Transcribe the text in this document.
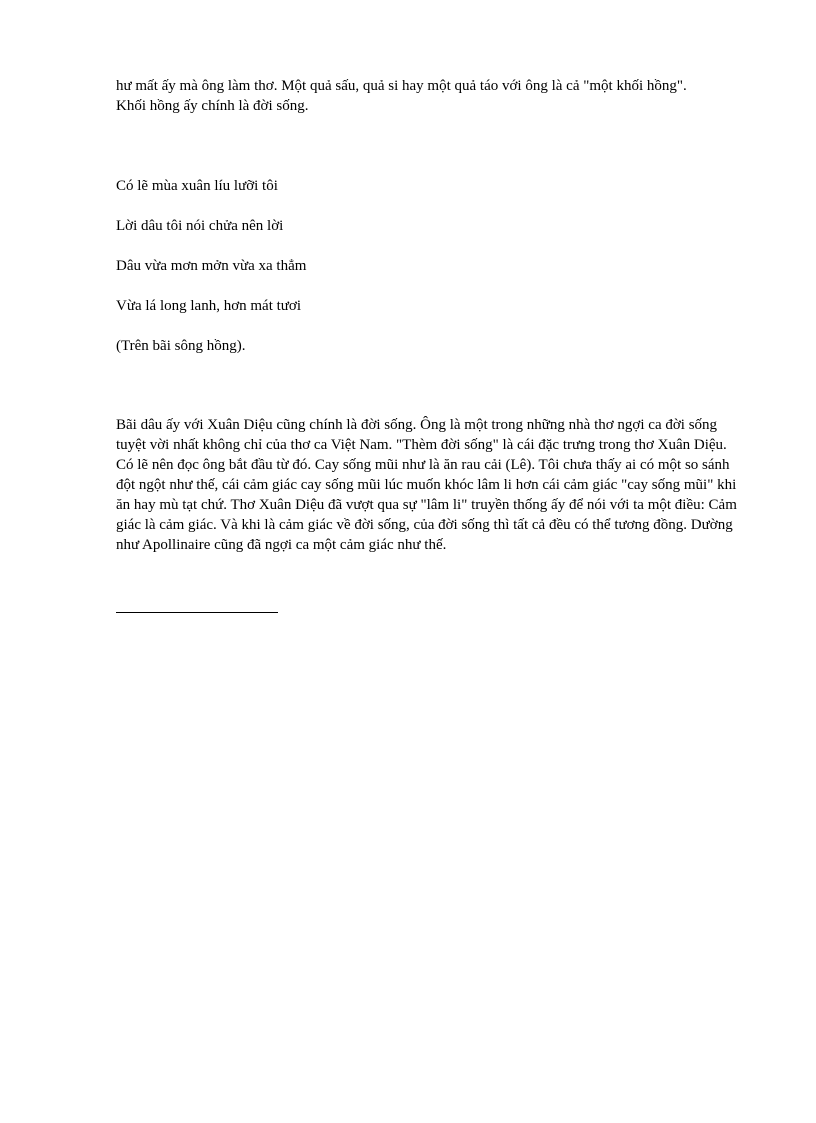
hư mất ấy mà ông làm thơ. Một quả sấu, quả si hay một quả táo với ông là cả "một khối hồng". Khối hồng ấy chính là đời sống.

Có lẽ mùa xuân líu lưỡi tôi

Lời dâu tôi nói chửa nên lời

Dâu vừa mơn mởn vừa xa thẳm

Vừa lá long lanh, hơn mát tươi

(Trên bãi sông hồng).

Bãi dâu ấy với Xuân Diệu cũng chính là đời sống. Ông là một trong những nhà thơ ngợi ca đời sống tuyệt vời nhất không chỉ của thơ ca Việt Nam. "Thèm đời sống" là cái đặc trưng trong thơ Xuân Diệu. Có lẽ nên đọc ông bắt đầu từ đó. Cay sống mũi như là ăn rau cải (Lê). Tôi chưa thấy ai có một so sánh đột ngột như thế, cái cảm giác cay sống mũi lúc muốn khóc lâm li hơn cái cảm giác "cay sống mũi" khi ăn hay mù tạt chứ. Thơ Xuân Diệu đã vượt qua sự "lâm li" truyền thống ấy để nói với ta một điều: Cảm giác là cảm giác. Và khi là cảm giác về đời sống, của đời sống thì tất cả đều có thể tương đồng. Dường như Apollinaire cũng đã ngợi ca một cảm giác như thế.
